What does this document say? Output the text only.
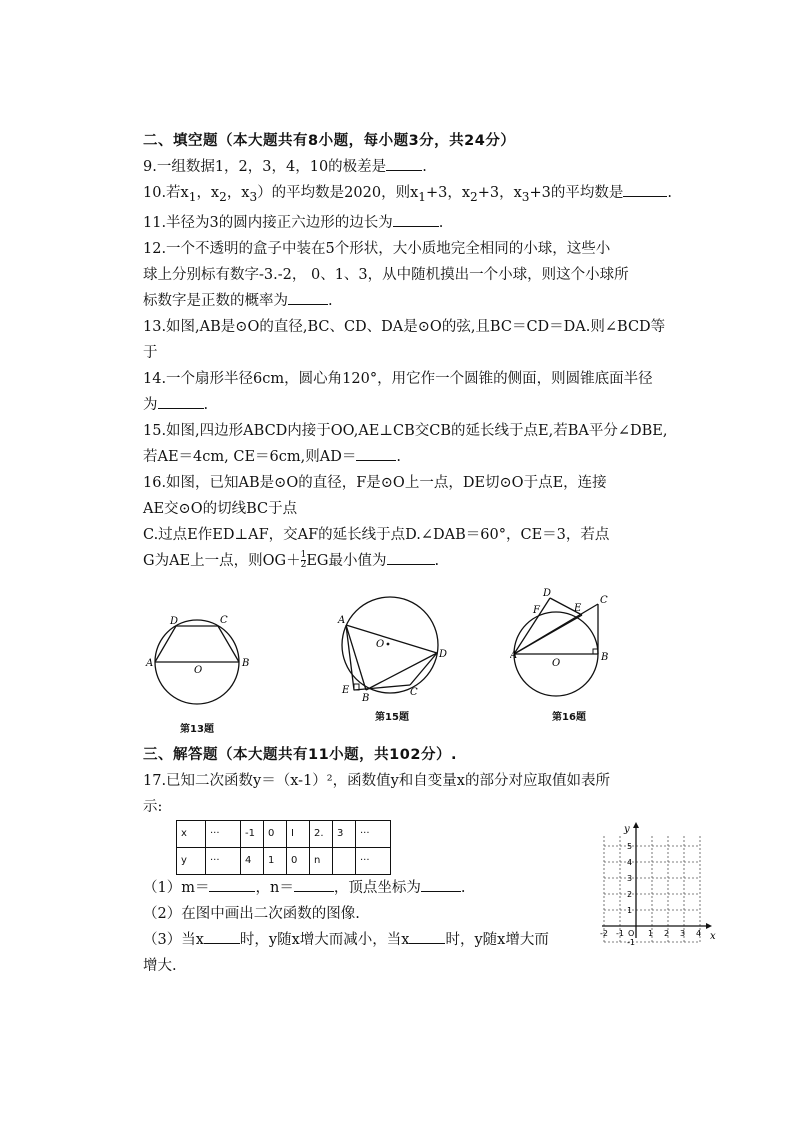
二、填空题（本大题共有8小题，每小题3分，共24分）
9.一组数据1，2，3，4，10的极差是 .
10.若$x_1$，$x_2$，$x_3$）的平均数是2020，则$x_1+3$，$x_2+3$，$x_3+3$的平均数是	.
11.半径为3的圆内接正六边形的边长为	.
12.一个不透明的盒子中装在5个形状，大小质地完全相同的小球，这些小
球上分别标有数字-3.-2， 0、1、3，从中随机摸出一个小球，则这个小球所
标数字是正数的概率为	.
13.如图,AB是⊙O的直径,BC、CD、DA是⊙O的弦,且BC＝CD＝DA.则∠BCD等
于
14.一个扇形半径6cm，圆心角120°，用它作一个圆锥的侧面，则圆锥底面半径
为	.
15.如图,四边形ABCD内接于OO,AE⊥CB交CB的延长线于点E,若BA平分∠DBE,
若AE＝4cm, CE＝6cm,则AD＝	.
16.如图，已知AB是⊙O的直径，F是⊙O上一点，DE切⊙O于点E，连接
AE交⊙O的切线BC于点
C.过点E作ED⊥AF，交AF的延长线于点D.∠DAB＝60°，CE＝3，若点
G为AE上一点，则$OG+ \frac{1}{2}$ EG最小值为	.
D	C
A
O
B
第13题
A
O
D
E
B
C
第15题
D
F	E
C
A
O
B
第16题
三、解答题（本大题共有11小题，共102分）.
17.已知二次函数y＝（x-1）²，函数值y和自变量x的部分对应取值如表所
示:
x	···	-1	0	I	2.	3	···
y	···	4	1	0	n		···
（1）m＝	，n＝	，顶点坐标为	.
（2）在图中画出二次函数的图像.
（3）当x 时，y随x增大而减小，当x 时，y随x增大而
增大.
y
x
5
4
3
2
1
-1
-2 -1 O 1 2 3 4
